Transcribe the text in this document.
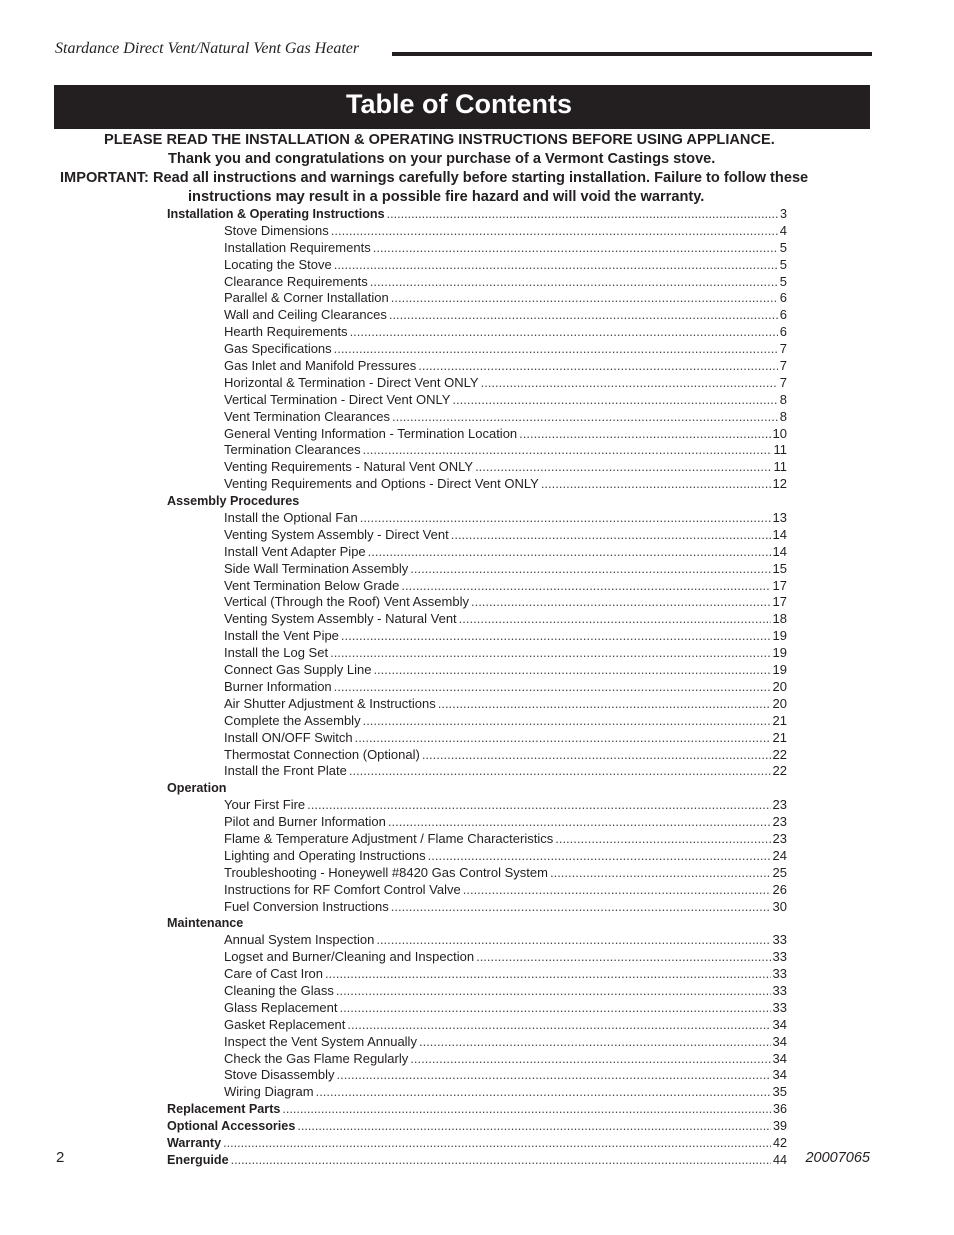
Stardance Direct Vent/Natural Vent Gas Heater
Table of Contents
PLEASE READ THE INSTALLATION & OPERATING INSTRUCTIONS BEFORE USING APPLIANCE.
Thank you and congratulations on your purchase of a Vermont Castings stove.
IMPORTANT: Read all instructions and warnings carefully before starting installation. Failure to follow these
instructions may result in a possible fire hazard and will void the warranty.
Installation & Operating Instructions .....	3
Stove Dimensions .....	4
Installation Requirements .....	5
Locating the Stove .....	5
Clearance Requirements .....	5
Parallel & Corner Installation .....	6
Wall and Ceiling Clearances .....	6
Hearth Requirements .....	6
Gas Specifications .....	7
Gas Inlet and Manifold Pressures .....	7
Horizontal & Termination - Direct Vent ONLY .....	7
Vertical Termination - Direct Vent ONLY .....	8
Vent Termination Clearances .....	8
General Venting Information - Termination Location .....	10
Termination Clearances .....	11
Venting Requirements - Natural Vent ONLY .....	11
Venting Requirements and Options - Direct Vent ONLY .....	12
Assembly Procedures
Install the Optional Fan .....	13
Venting System Assembly - Direct Vent .....	14
Install Vent Adapter Pipe .....	14
Side Wall Termination Assembly .....	15
Vent Termination Below Grade .....	17
Vertical (Through the Roof) Vent Assembly .....	17
Venting System Assembly - Natural Vent .....	18
Install the Vent Pipe .....	19
Install the Log Set .....	19
Connect Gas Supply Line .....	19
Burner Information .....	20
Air Shutter Adjustment & Instructions .....	20
Complete the Assembly .....	21
Install ON/OFF Switch .....	21
Thermostat Connection (Optional) .....	22
Install the Front Plate .....	22
Operation
Your First Fire .....	23
Pilot and Burner Information .....	23
Flame & Temperature Adjustment / Flame Characteristics .....	23
Lighting and Operating Instructions .....	24
Troubleshooting - Honeywell #8420 Gas Control System .....	25
Instructions for RF Comfort Control Valve .....	26
Fuel Conversion Instructions .....	30
Maintenance
Annual System Inspection .....	33
Logset and Burner/Cleaning and Inspection .....	33
Care of Cast Iron .....	33
Cleaning the Glass .....	33
Glass Replacement .....	33
Gasket Replacement .....	34
Inspect the Vent System Annually .....	34
Check the Gas Flame Regularly .....	34
Stove Disassembly .....	34
Wiring Diagram .....	35
Replacement Parts .....	36
Optional Accessories .....	39
Warranty .....	42
Energuide .....	44
2	20007065
